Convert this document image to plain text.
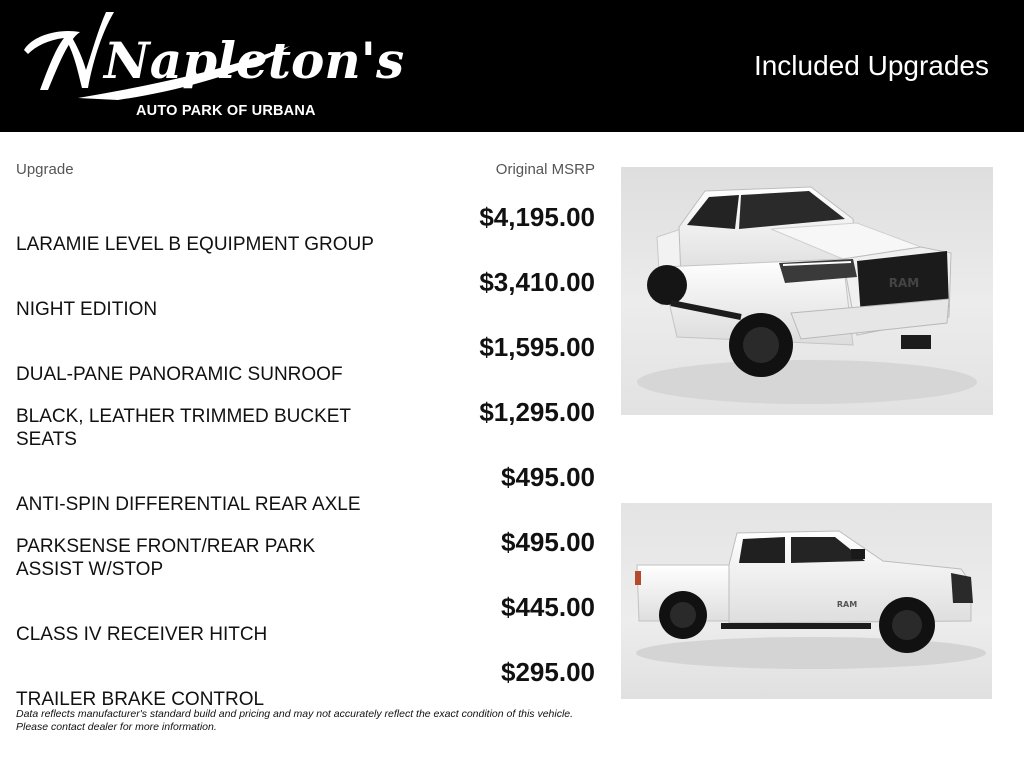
Napleton's
AUTO PARK OF URBANA
Included Upgrades
Upgrade	Original MSRP
LARAMIE LEVEL B EQUIPMENT GROUP
$4,195.00
NIGHT EDITION
$3,410.00
DUAL-PANE PANORAMIC SUNROOF
$1,595.00
BLACK, LEATHER TRIMMED BUCKET SEATS
$1,295.00
ANTI-SPIN DIFFERENTIAL REAR AXLE
$495.00
PARKSENSE FRONT/REAR PARK ASSIST W/STOP
$495.00
CLASS IV RECEIVER HITCH
$445.00
TRAILER BRAKE CONTROL
$295.00
Data reflects manufacturer's standard build and pricing and may not accurately reflect the exact condition of this vehicle. Please contact dealer for more information.
RAM
RAM
